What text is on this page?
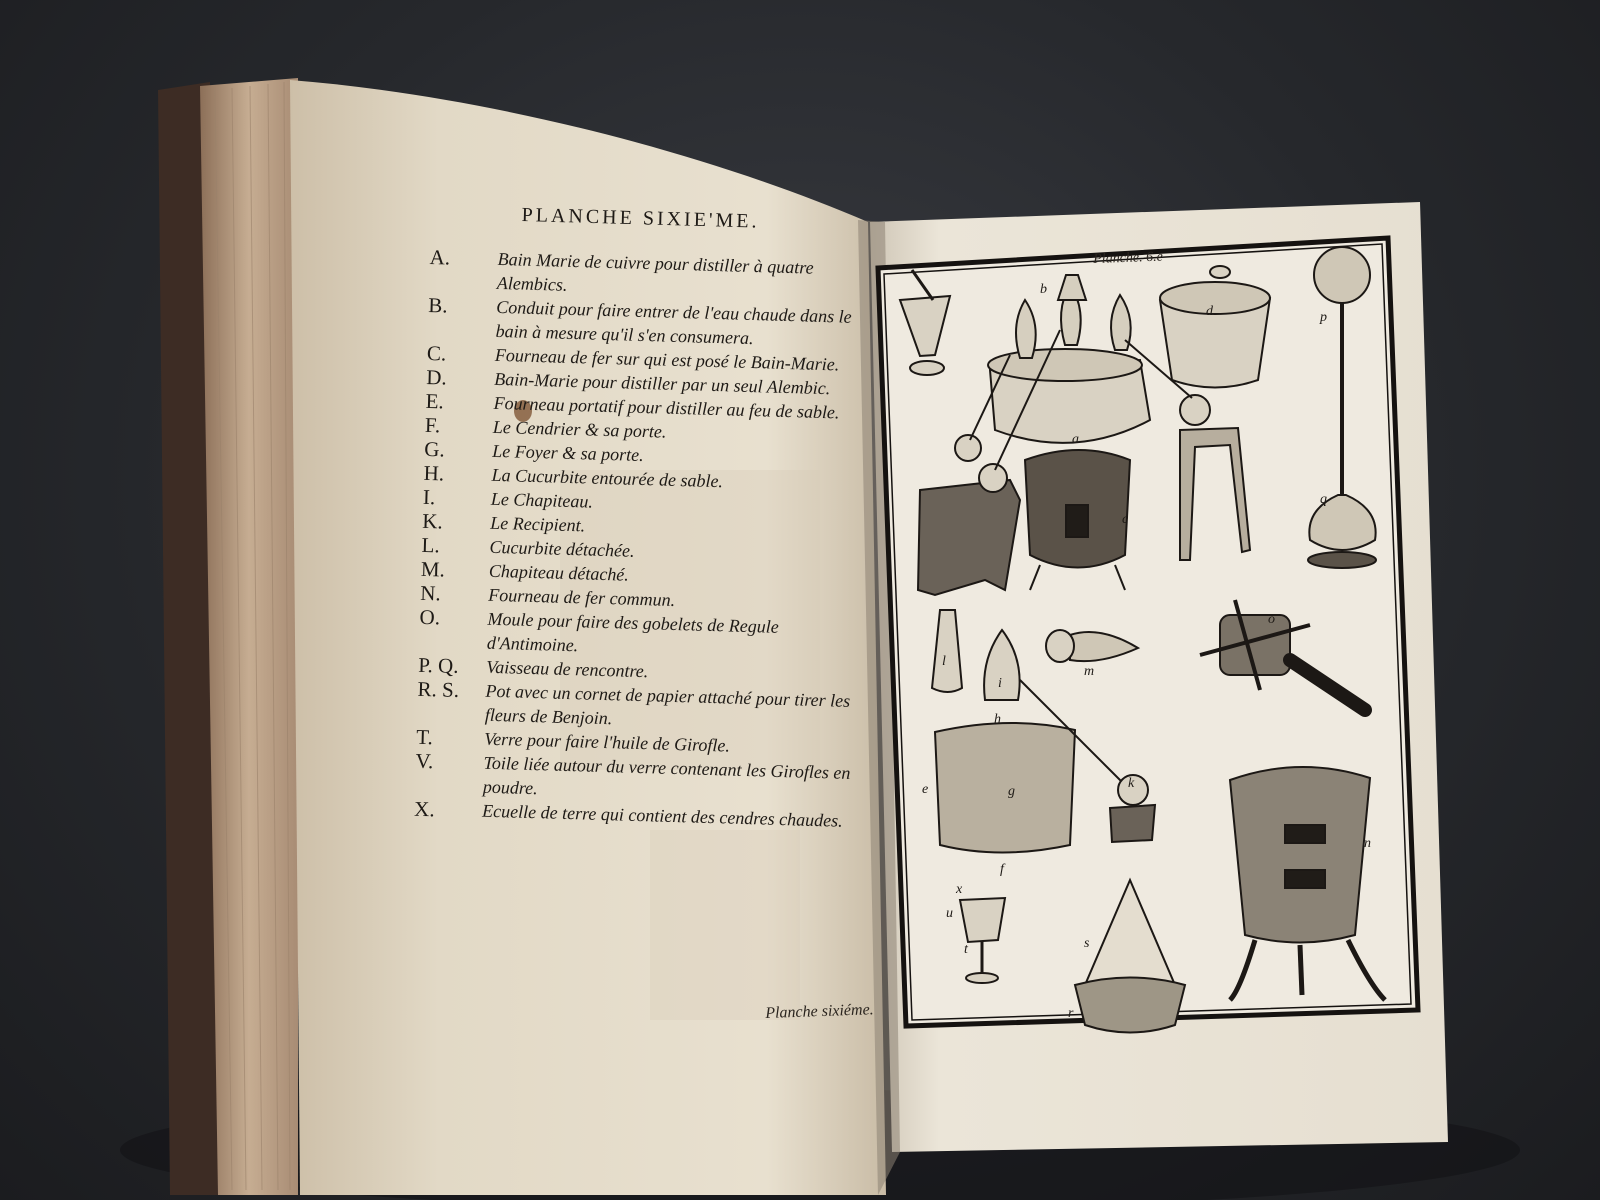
PLANCHE SIXIE'ME.
A.	Bain Marie de cuivre pour distiller à quatre Alembics.
B.	Conduit pour faire entrer de l'eau chaude dans le bain à mesure qu'il s'en consumera.
C.	Fourneau de fer sur qui est posé le Bain-Marie.
D.	Bain-Marie pour distiller par un seul Alembic.
E.	Fourneau portatif pour distiller au feu de sable.
F.	Le Cendrier & sa porte.
G.	Le Foyer & sa porte.
H.	La Cucurbite entourée de sable.
I.	Le Chapiteau.
K.	Le Recipient.
L.	Cucurbite détachée.
M.	Chapiteau détaché.
N.	Fourneau de fer commun.
O.	Moule pour faire des gobelets de Regule d'Antimoine.
P. Q.	Vaisseau de rencontre.
R. S.	Pot avec un cornet de papier attaché pour tirer les fleurs de Benjoin.
T.	Verre pour faire l'huile de Girofle.
V.	Toile liée autour du verre contenant les Girofles en poudre.
X.	Ecuelle de terre qui contient des cendres chaudes.
Planche sixiéme.
Planche. 6.e
a
b
c
d
e
f
g
h
i
k
l
m
n
o
p
q
r
s
t
u
x
